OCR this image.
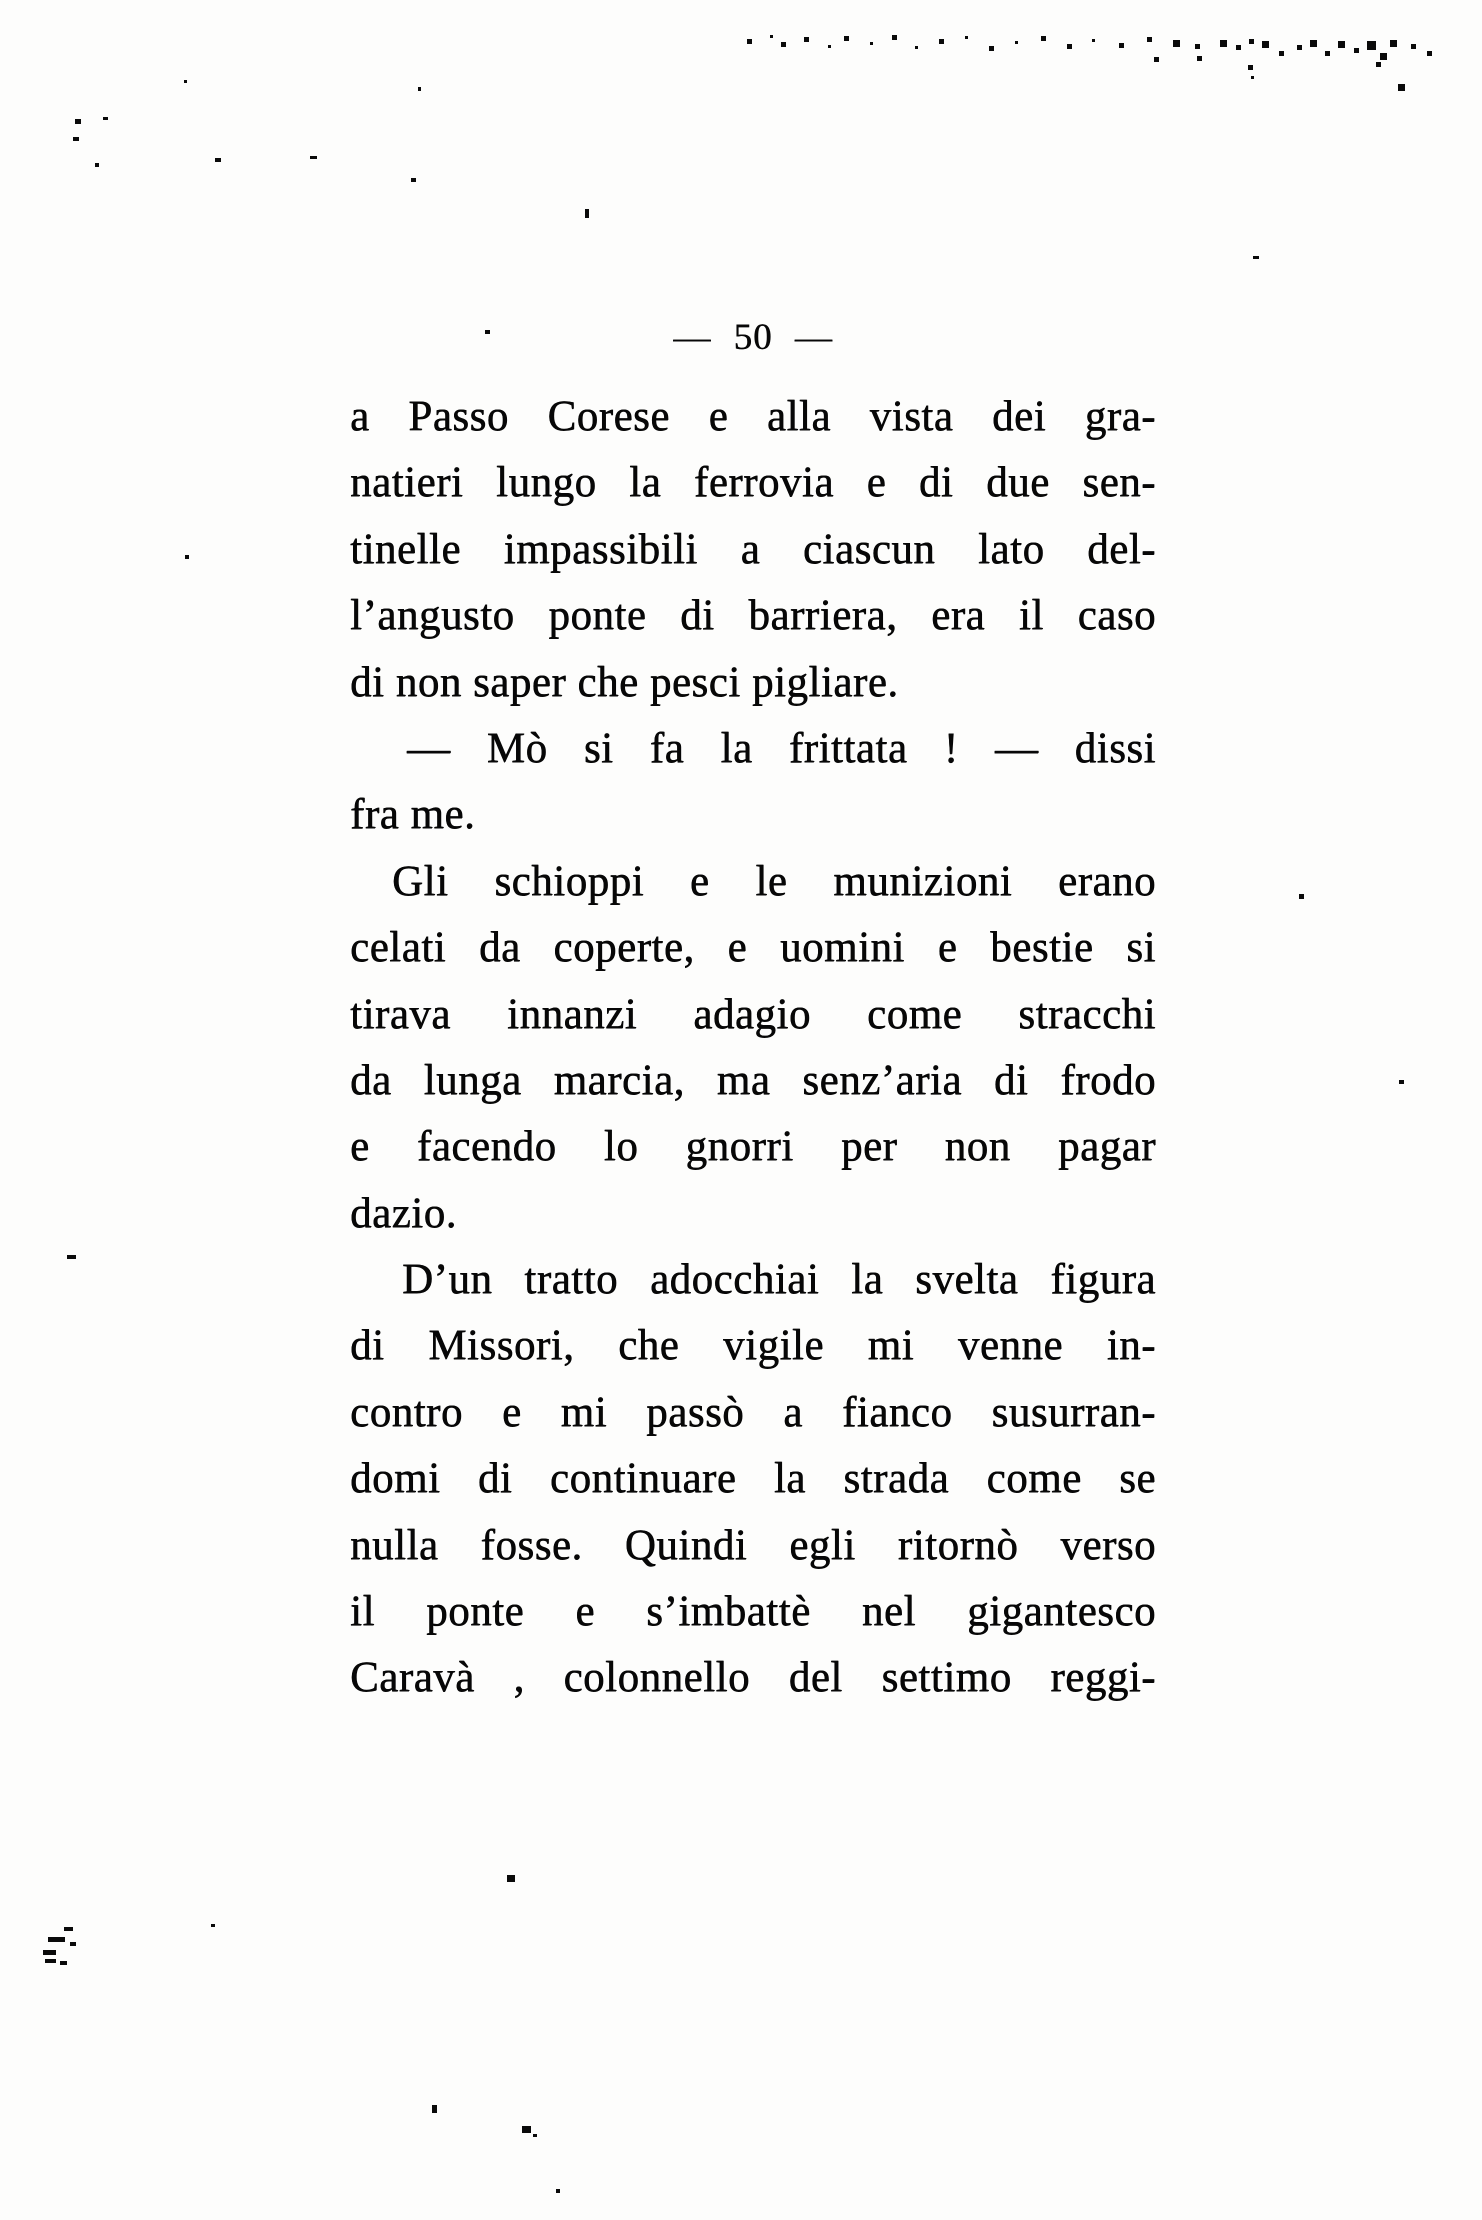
— 50 —
a Passo Corese e alla vista dei gra-
natieri lungo la ferrovia e di due sen-
tinelle impassibili a ciascun lato del-
l’angusto ponte di barriera, era il caso
di non saper che pesci pigliare.
— Mò si fa la frittata ! — dissi
fra me.
Gli schioppi e le munizioni erano
celati da coperte, e uomini e bestie si
tirava innanzi adagio come stracchi
da lunga marcia, ma senz’aria di frodo
e facendo lo gnorri per non pagar
dazio.
D’un tratto adocchiai la svelta figura
di Missori, che vigile mi venne in-
contro e mi passò a fianco susurran-
domi di continuare la strada come se
nulla fosse. Quindi egli ritornò verso
il ponte e s’imbattè nel gigantesco
Caravà , colonnello del settimo reggi-
